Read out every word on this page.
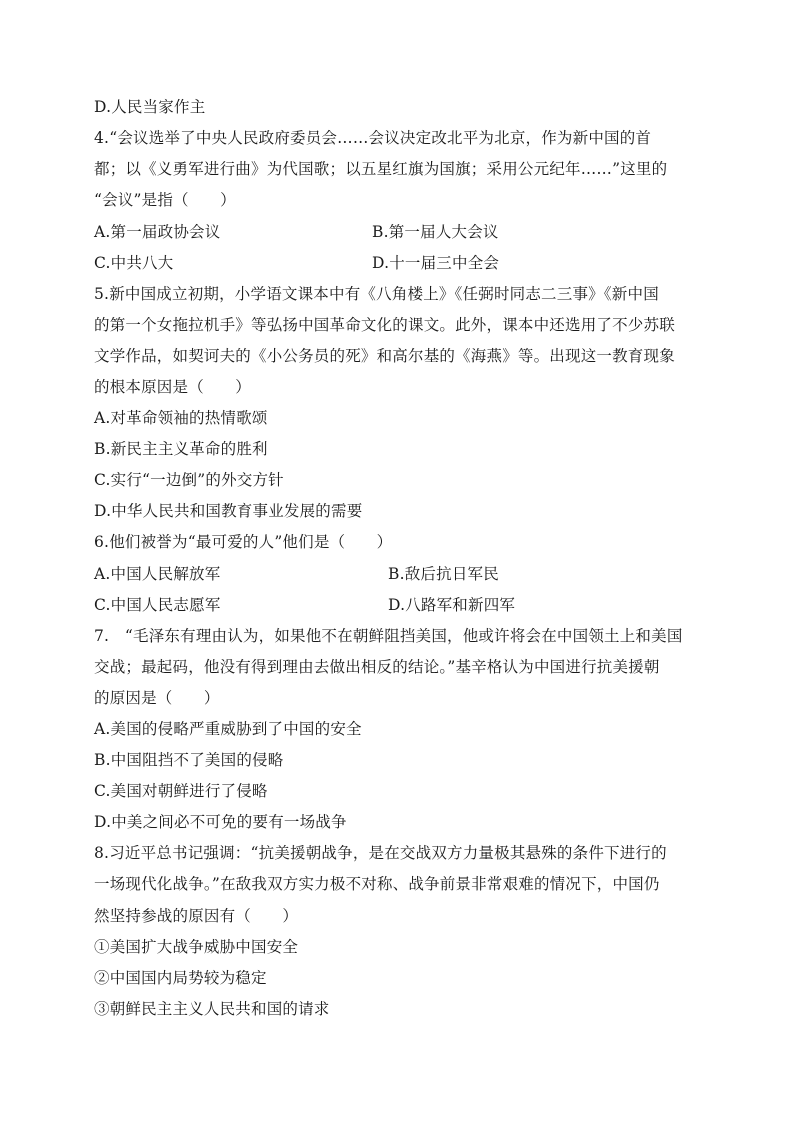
D.人民当家作主
4.“会议选举了中央人民政府委员会……会议决定改北平为北京，作为新中国的首
都；以《义勇军进行曲》为代国歌；以五星红旗为国旗；采用公元纪年……”这里的
“会议”是指（　　）
A.第一届政协会议	B.第一届人大会议
C.中共八大	D.十一届三中全会
5.新中国成立初期，小学语文课本中有《八角楼上》《任弼时同志二三事》《新中国
的第一个女拖拉机手》等弘扬中国革命文化的课文。此外，课本中还选用了不少苏联
文学作品，如契诃夫的《小公务员的死》和高尔基的《海燕》等。出现这一教育现象
的根本原因是（　　）
A.对革命领袖的热情歌颂
B.新民主主义革命的胜利
C.实行“一边倒”的外交方针
D.中华人民共和国教育事业发展的需要
6.他们被誉为“最可爱的人”他们是（　　）
A.中国人民解放军	B.敌后抗日军民
C.中国人民志愿军	D.八路军和新四军
7.　“毛泽东有理由认为，如果他不在朝鲜阻挡美国，他或许将会在中国领土上和美国
交战；最起码，他没有得到理由去做出相反的结论。”基辛格认为中国进行抗美援朝
的原因是（　　）
A.美国的侵略严重威胁到了中国的安全
B.中国阻挡不了美国的侵略
C.美国对朝鲜进行了侵略
D.中美之间必不可免的要有一场战争
8.习近平总书记强调：“抗美援朝战争，是在交战双方力量极其悬殊的条件下进行的
一场现代化战争。”在敌我双方实力极不对称、战争前景非常艰难的情况下，中国仍
然坚持参战的原因有（　　）
①美国扩大战争威胁中国安全
②中国国内局势较为稳定
③朝鲜民主主义人民共和国的请求
